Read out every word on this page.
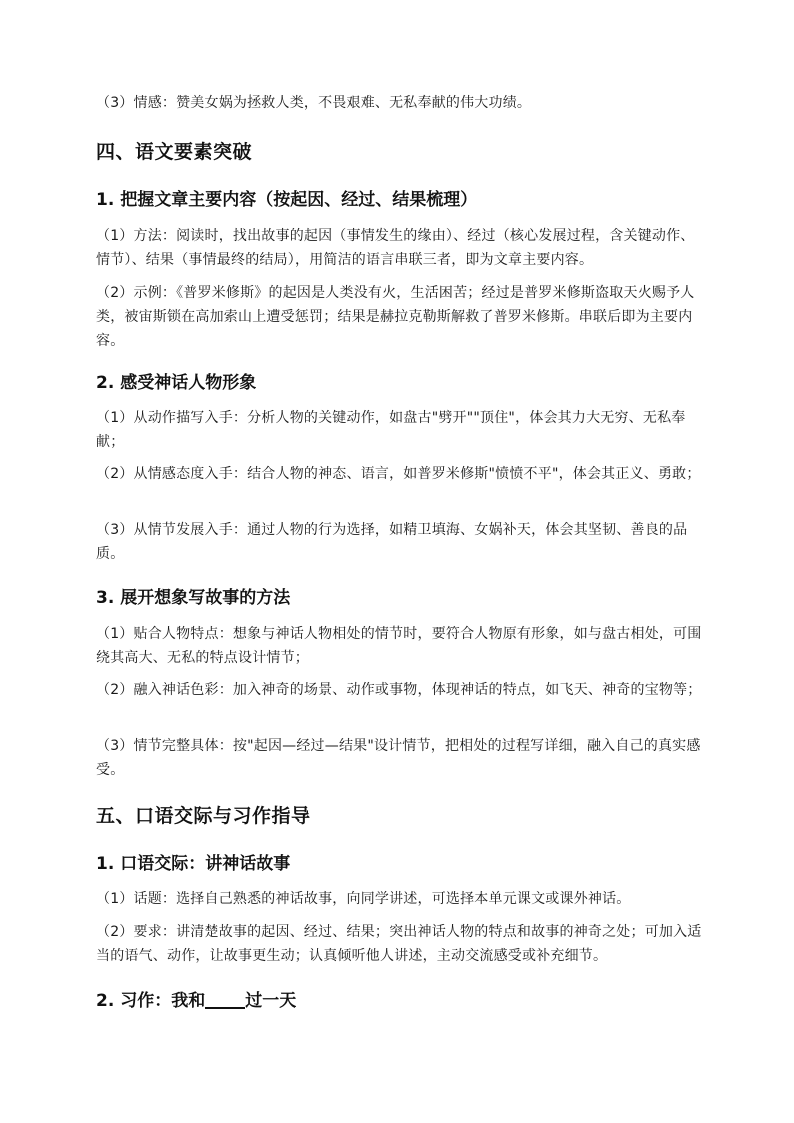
（3）情感：赞美女娲为拯救人类，不畏艰难、无私奉献的伟大功绩。
四、语文要素突破
1. 把握文章主要内容（按起因、经过、结果梳理）
（1）方法：阅读时，找出故事的起因（事情发生的缘由）、经过（核心发展过程，含关键动作、情节）、结果（事情最终的结局），用简洁的语言串联三者，即为文章主要内容。
（2）示例：《普罗米修斯》的起因是人类没有火，生活困苦；经过是普罗米修斯盗取天火赐予人类，被宙斯锁在高加索山上遭受惩罚；结果是赫拉克勒斯解救了普罗米修斯。串联后即为主要内容。
2. 感受神话人物形象
（1）从动作描写入手：分析人物的关键动作，如盘古"劈开""顶住"，体会其力大无穷、无私奉献；
（2）从情感态度入手：结合人物的神态、语言，如普罗米修斯"愤愤不平"，体会其正义、勇敢；
（3）从情节发展入手：通过人物的行为选择，如精卫填海、女娲补天，体会其坚韧、善良的品质。
3. 展开想象写故事的方法
（1）贴合人物特点：想象与神话人物相处的情节时，要符合人物原有形象，如与盘古相处，可围绕其高大、无私的特点设计情节；
（2）融入神话色彩：加入神奇的场景、动作或事物，体现神话的特点，如飞天、神奇的宝物等；
（3）情节完整具体：按"起因—经过—结果"设计情节，把相处的过程写详细，融入自己的真实感受。
五、口语交际与习作指导
1. 口语交际：讲神话故事
（1）话题：选择自己熟悉的神话故事，向同学讲述，可选择本单元课文或课外神话。
（2）要求：讲清楚故事的起因、经过、结果；突出神话人物的特点和故事的神奇之处；可加入适当的语气、动作，让故事更生动；认真倾听他人讲述，主动交流感受或补充细节。
2. 习作：我和 过一天
